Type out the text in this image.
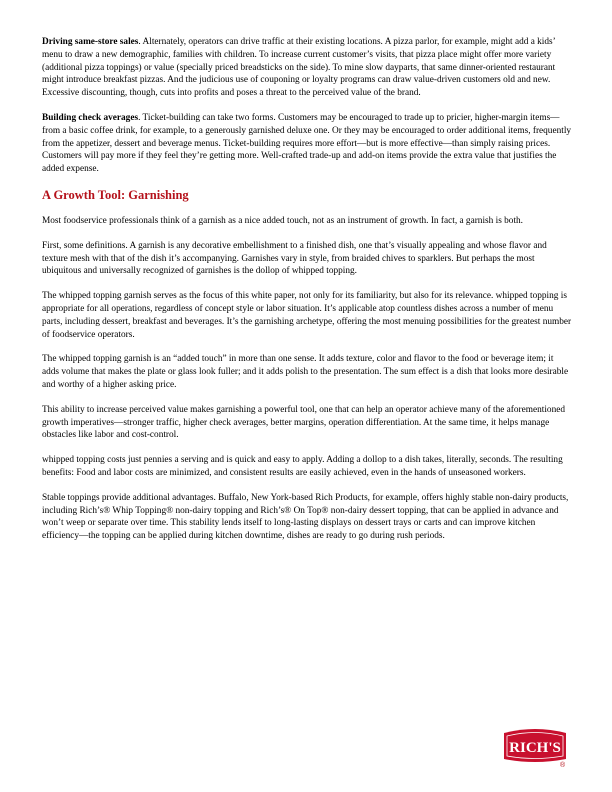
Driving same-store sales. Alternately, operators can drive traffic at their existing locations. A pizza parlor, for example, might add a kids’ menu to draw a new demographic, families with children. To increase current customer’s visits, that pizza place might offer more variety (additional pizza toppings) or value (specially priced breadsticks on the side). To mine slow dayparts, that same dinner-oriented restaurant might introduce breakfast pizzas. And the judicious use of couponing or loyalty programs can draw value-driven customers old and new. Excessive discounting, though, cuts into profits and poses a threat to the perceived value of the brand.

Building check averages. Ticket-building can take two forms. Customers may be encouraged to trade up to pricier, higher-margin items—from a basic coffee drink, for example, to a generously garnished deluxe one. Or they may be encouraged to order additional items, frequently from the appetizer, dessert and beverage menus. Ticket-building requires more effort—but is more effective—than simply raising prices. Customers will pay more if they feel they’re getting more. Well-crafted trade-up and add-on items provide the extra value that justifies the added expense.

A Growth Tool: Garnishing

Most foodservice professionals think of a garnish as a nice added touch, not as an instrument of growth. In fact, a garnish is both.

First, some definitions. A garnish is any decorative embellishment to a finished dish, one that’s visually appealing and whose flavor and texture mesh with that of the dish it’s accompanying. Garnishes vary in style, from braided chives to sparklers. But perhaps the most ubiquitous and universally recognized of garnishes is the dollop of whipped topping.

The whipped topping garnish serves as the focus of this white paper, not only for its familiarity, but also for its relevance. whipped topping is appropriate for all operations, regardless of concept style or labor situation. It’s applicable atop countless dishes across a number of menu parts, including dessert, breakfast and beverages. It’s the garnishing archetype, offering the most menuing possibilities for the greatest number of foodservice operators.

The whipped topping garnish is an “added touch” in more than one sense. It adds texture, color and flavor to the food or beverage item; it adds volume that makes the plate or glass look fuller; and it adds polish to the presentation. The sum effect is a dish that looks more desirable and worthy of a higher asking price.

This ability to increase perceived value makes garnishing a powerful tool, one that can help an operator achieve many of the aforementioned growth imperatives—stronger traffic, higher check averages, better margins, operation differentiation. At the same time, it helps manage obstacles like labor and cost-control.

whipped topping costs just pennies a serving and is quick and easy to apply. Adding a dollop to a dish takes, literally, seconds. The resulting benefits: Food and labor costs are minimized, and consistent results are easily achieved, even in the hands of unseasoned workers.

Stable toppings provide additional advantages. Buffalo, New York-based Rich Products, for example, offers highly stable non-dairy products, including Rich’s® Whip Topping® non-dairy topping and Rich’s® On Top® non-dairy dessert topping, that can be applied in advance and won’t weep or separate over time. This stability lends itself to long-lasting displays on dessert trays or carts and can improve kitchen efficiency—the topping can be applied during kitchen downtime, dishes are ready to go during rush periods.

RICH'S
®
